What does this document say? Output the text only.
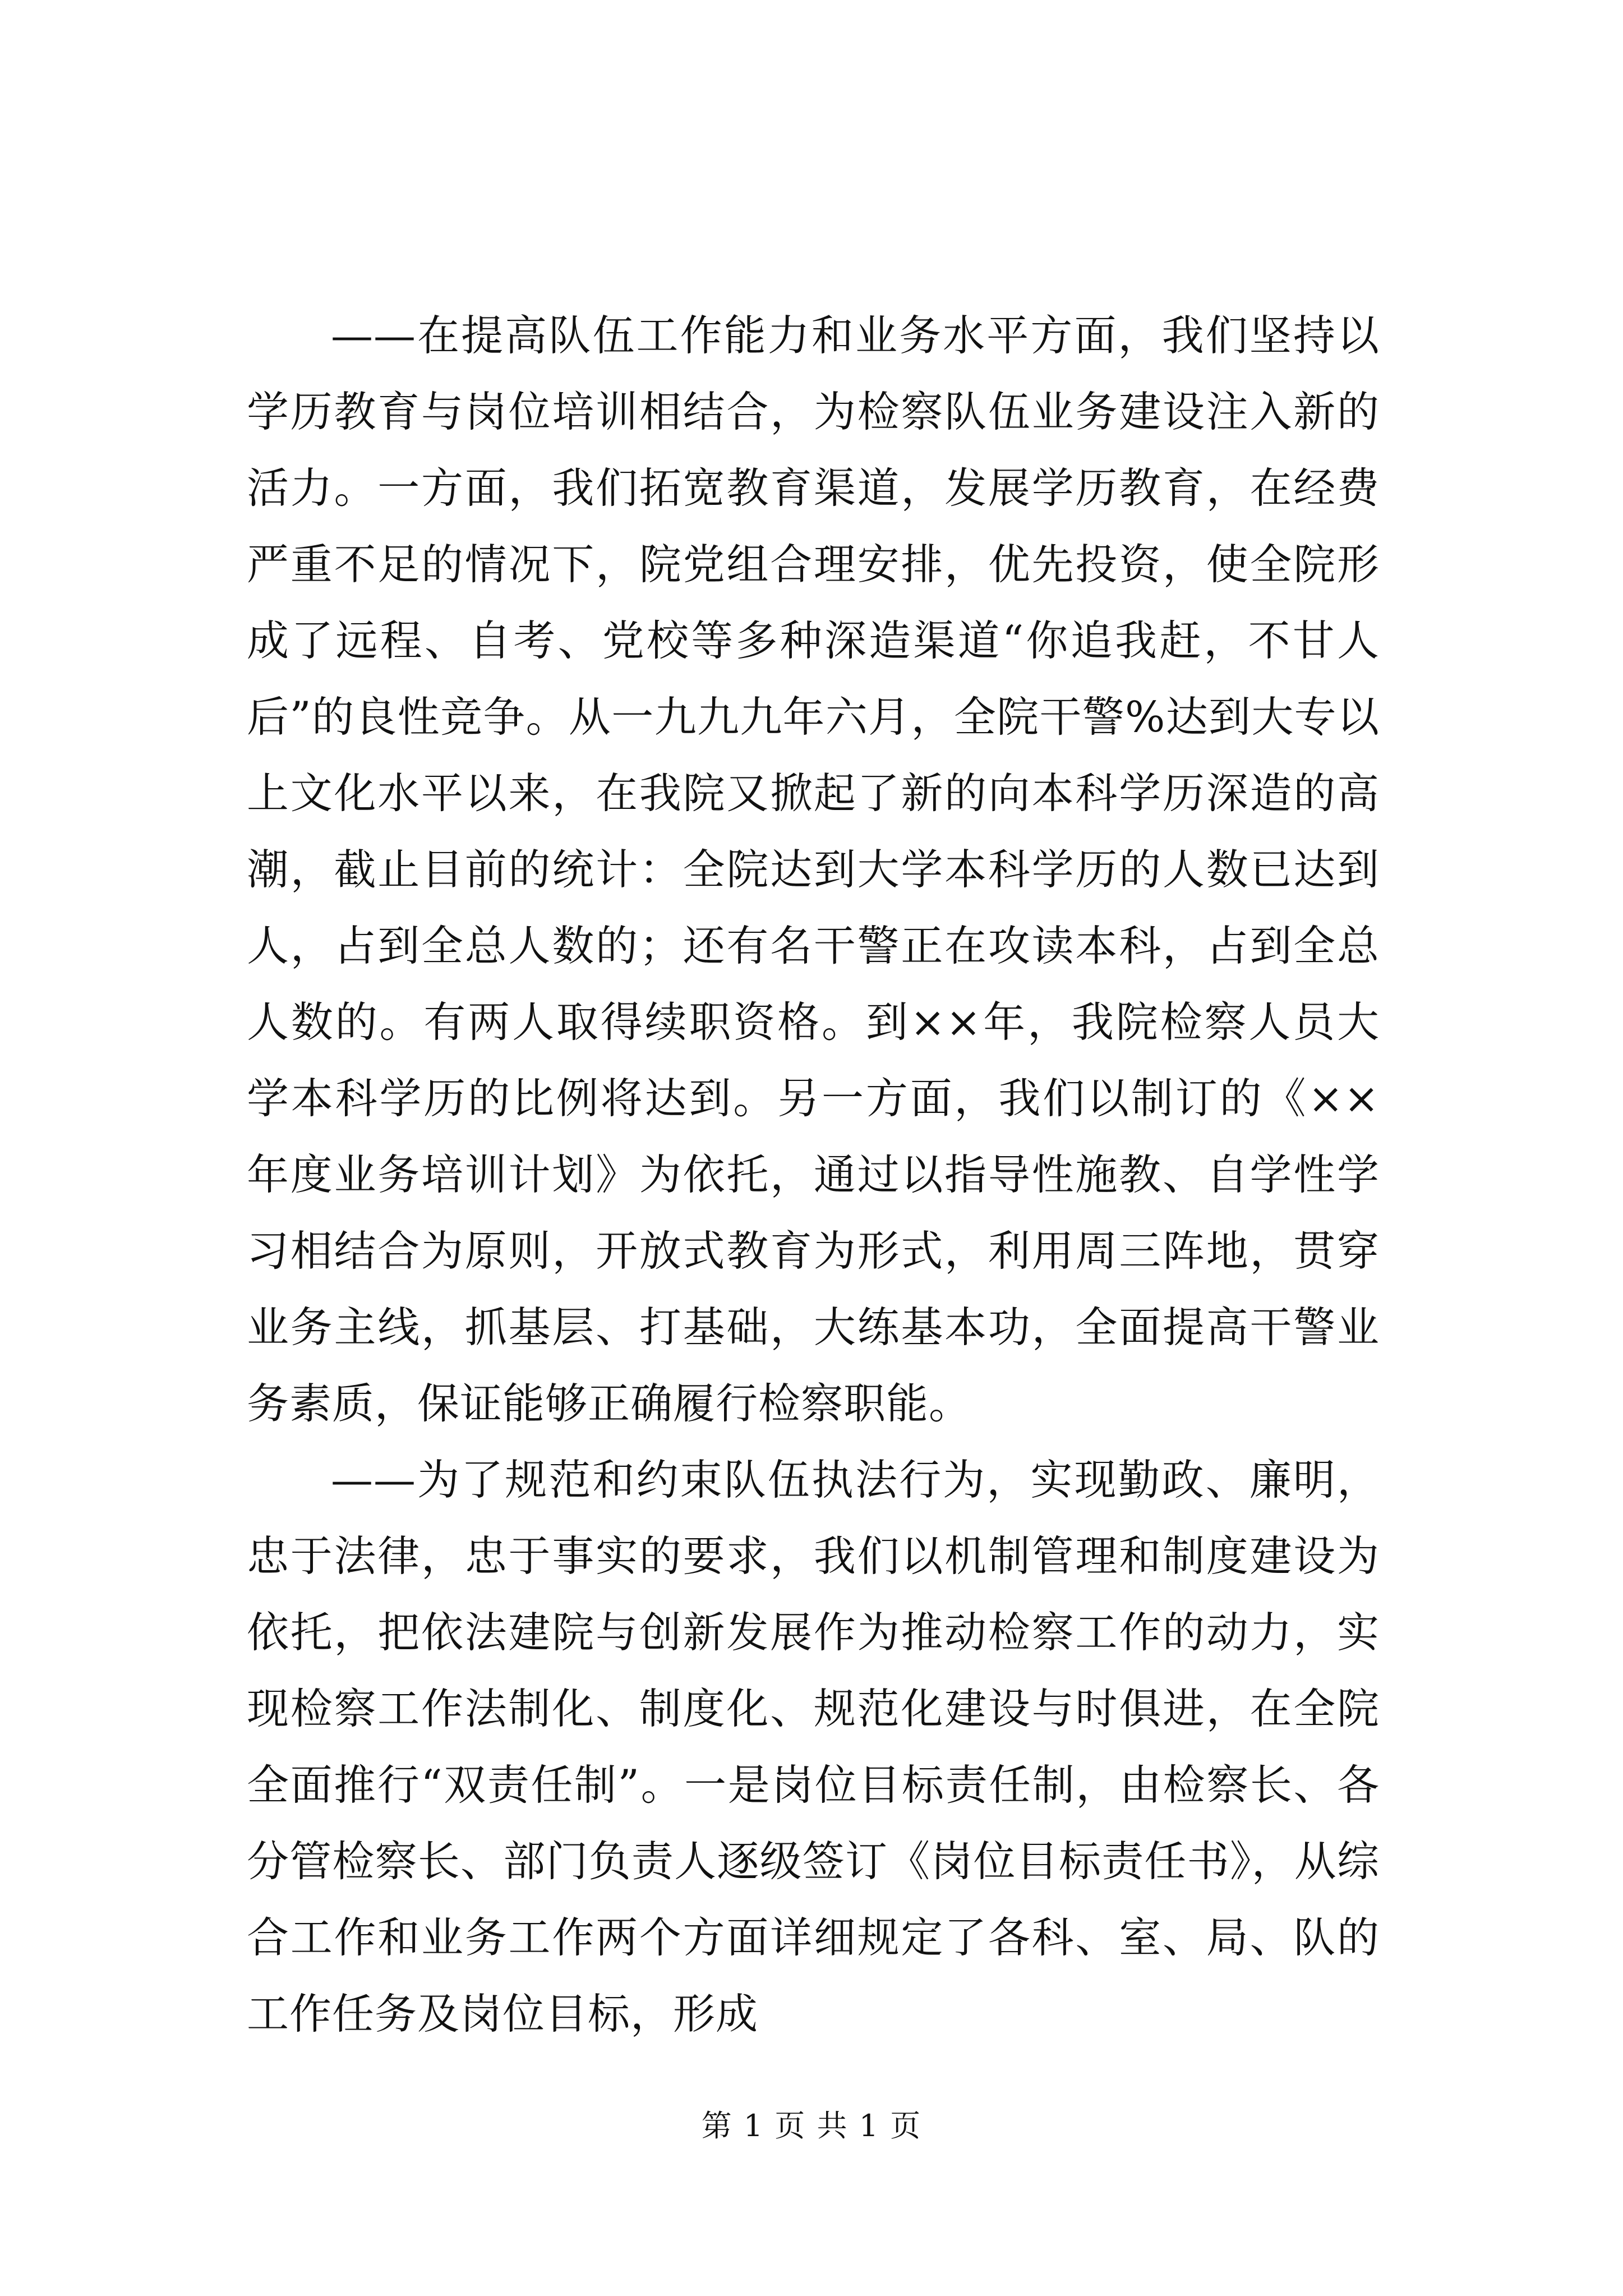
——在提高队伍工作能力和业务水平方面，我们坚持以学历教育与岗位培训相结合，为检察队伍业务建设注入新的活力。一方面，我们拓宽教育渠道，发展学历教育，在经费严重不足的情况下，院党组合理安排，优先投资，使全院形成了远程、自考、党校等多种深造渠道“你追我赶，不甘人后”的良性竞争。从一九九九年六月，全院干警%达到大专以上文化水平以来，在我院又掀起了新的向本科学历深造的高潮，截止目前的统计：全院达到大学本科学历的人数已达到人，占到全总人数的；还有名干警正在攻读本科，占到全总人数的。有两人取得续职资格。到××年，我院检察人员大学本科学历的比例将达到。另一方面，我们以制订的《××年度业务培训计划》为依托，通过以指导性施教、自学性学习相结合为原则，开放式教育为形式，利用周三阵地，贯穿业务主线，抓基层、打基础，大练基本功，全面提高干警业务素质，保证能够正确履行检察职能。

——为了规范和约束队伍执法行为，实现勤政、廉明，忠于法律，忠于事实的要求，我们以机制管理和制度建设为依托，把依法建院与创新发展作为推动检察工作的动力，实现检察工作法制化、制度化、规范化建设与时俱进，在全院全面推行“双责任制”。一是岗位目标责任制，由检察长、各分管检察长、部门负责人逐级签订《岗位目标责任书》，从综合工作和业务工作两个方面详细规定了各科、室、局、队的工作任务及岗位目标，形成

第 1 页 共 1 页
